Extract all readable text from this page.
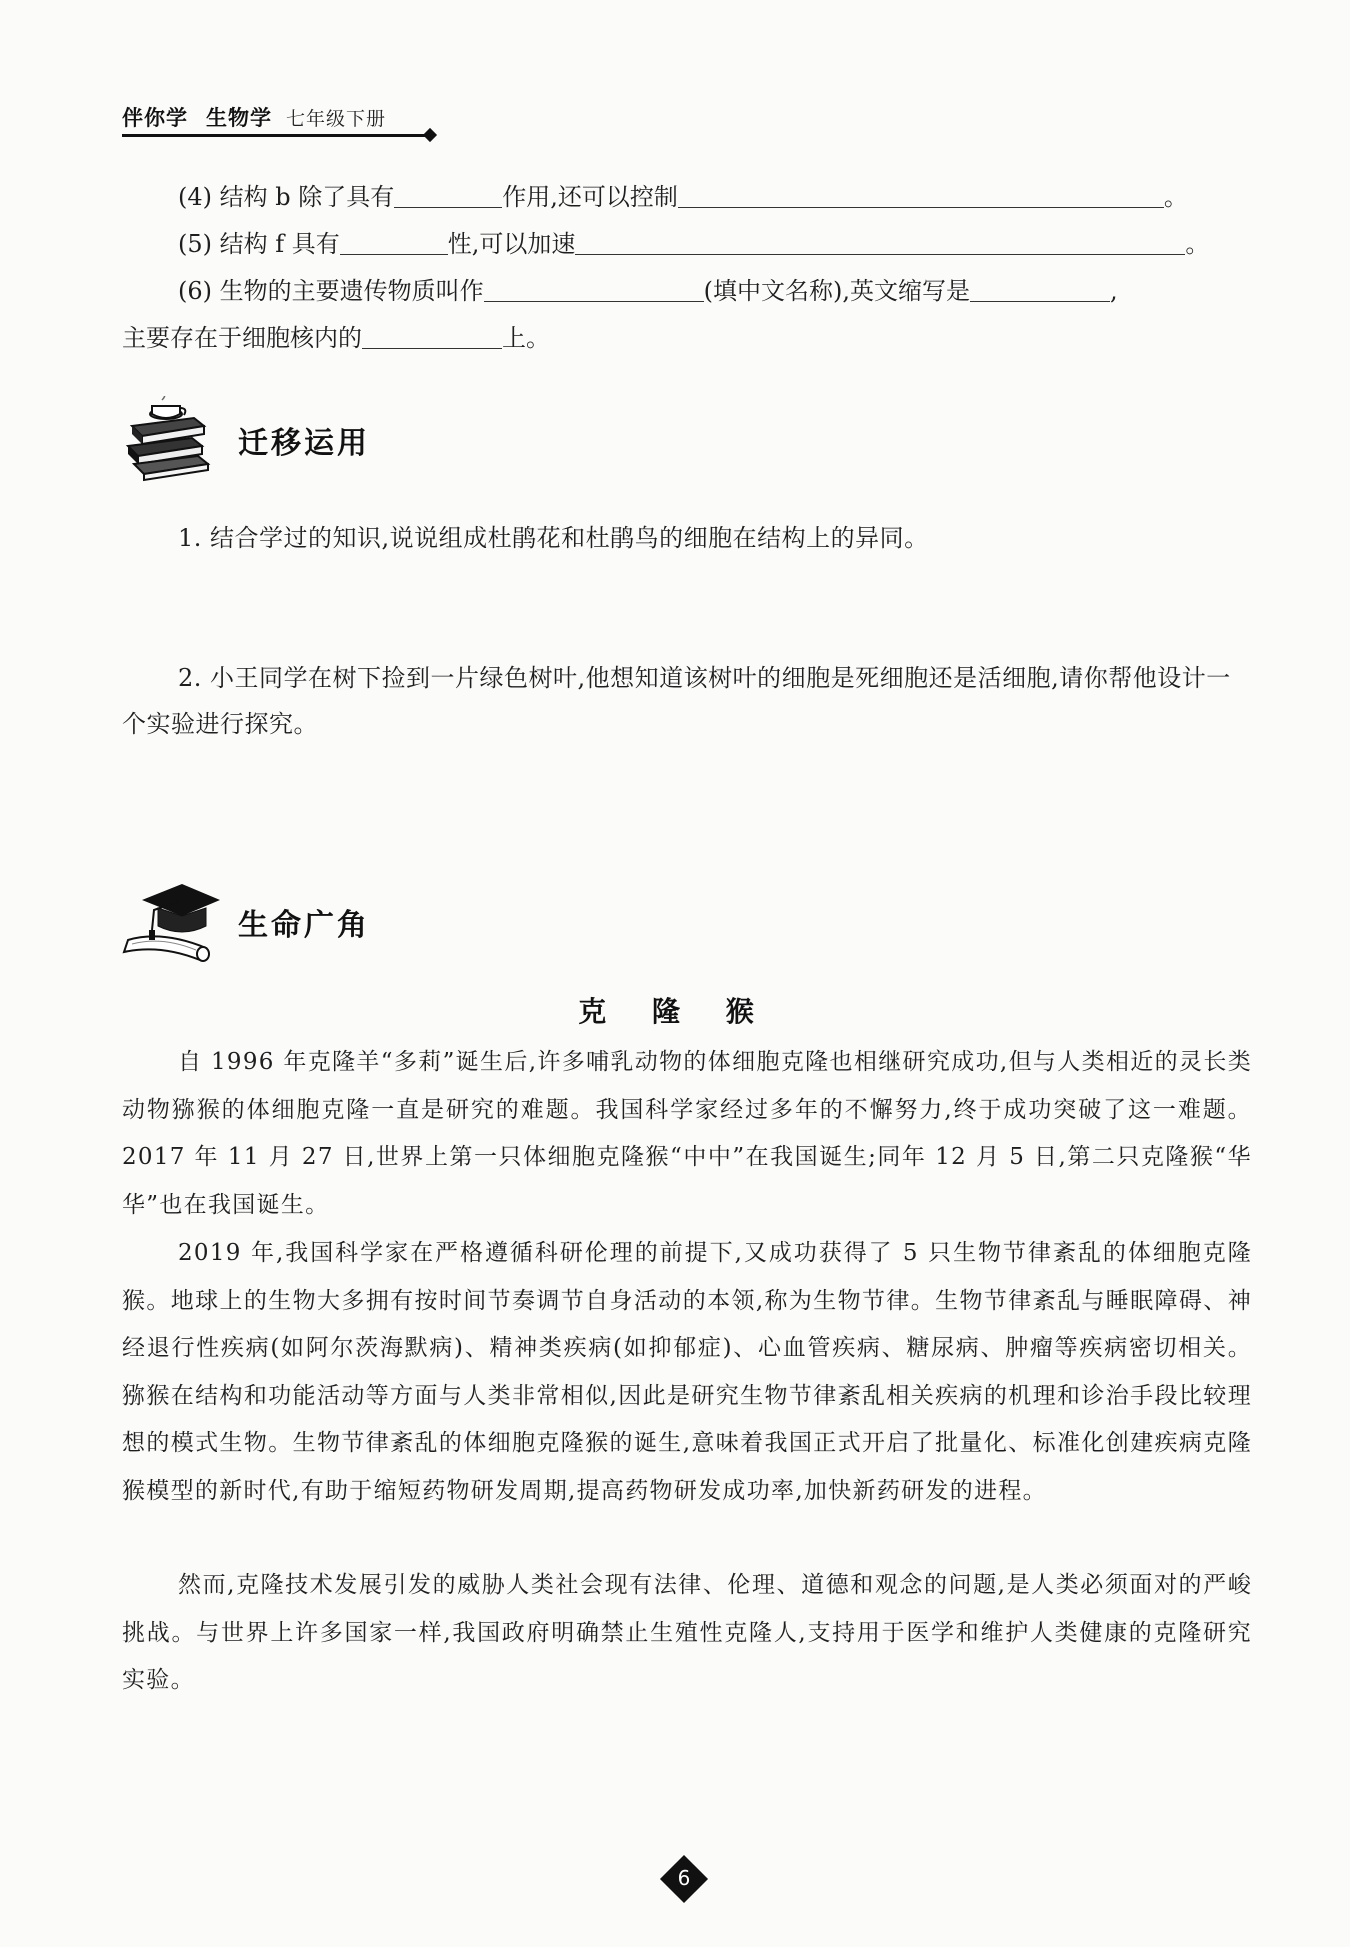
伴你学 生物学 七年级下册
(4) 结构 b 除了具有	作用,还可以控制	。
(5) 结构 f 具有	性,可以加速	。
(6) 生物的主要遗传物质叫作	(填中文名称),英文缩写是	,
主要存在于细胞核内的	上。
迁移运用
1. 结合学过的知识,说说组成杜鹃花和杜鹃鸟的细胞在结构上的异同。
2. 小王同学在树下捡到一片绿色树叶,他想知道该树叶的细胞是死细胞还是活细胞,请你帮他设计一个实验进行探究。
生命广角
克 隆 猴
自 1996 年克隆羊“多莉”诞生后,许多哺乳动物的体细胞克隆也相继研究成功,但与人类相近的灵长类动物猕猴的体细胞克隆一直是研究的难题。我国科学家经过多年的不懈努力,终于成功突破了这一难题。2017 年 11 月 27 日,世界上第一只体细胞克隆猴“中中”在我国诞生;同年 12 月 5 日,第二只克隆猴“华华”也在我国诞生。
2019 年,我国科学家在严格遵循科研伦理的前提下,又成功获得了 5 只生物节律紊乱的体细胞克隆猴。地球上的生物大多拥有按时间节奏调节自身活动的本领,称为生物节律。生物节律紊乱与睡眠障碍、神经退行性疾病(如阿尔茨海默病)、精神类疾病(如抑郁症)、心血管疾病、糖尿病、肿瘤等疾病密切相关。猕猴在结构和功能活动等方面与人类非常相似,因此是研究生物节律紊乱相关疾病的机理和诊治手段比较理想的模式生物。生物节律紊乱的体细胞克隆猴的诞生,意味着我国正式开启了批量化、标准化创建疾病克隆猴模型的新时代,有助于缩短药物研发周期,提高药物研发成功率,加快新药研发的进程。
然而,克隆技术发展引发的威胁人类社会现有法律、伦理、道德和观念的问题,是人类必须面对的严峻挑战。与世界上许多国家一样,我国政府明确禁止生殖性克隆人,支持用于医学和维护人类健康的克隆研究实验。
6
